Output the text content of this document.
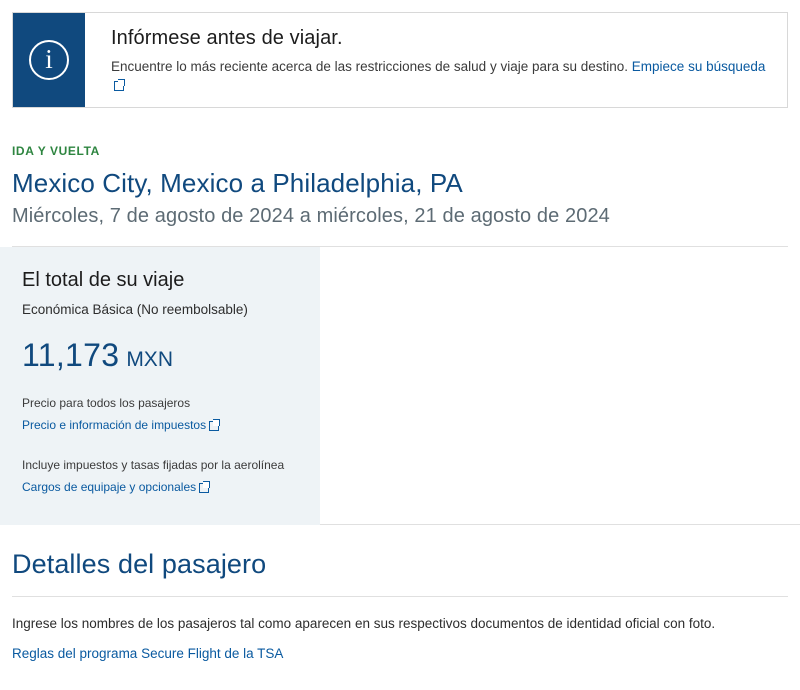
i
Infórmese antes de viajar.
Encuentre lo más reciente acerca de las restricciones de salud y viaje para su destino. Empiece su búsqueda
IDA Y VUELTA
Mexico City, Mexico a Philadelphia, PA
Miércoles, 7 de agosto de 2024 a miércoles, 21 de agosto de 2024
El total de su viaje
Económica Básica (No reembolsable)
11,173 MXN
Precio para todos los pasajeros
Precio e información de impuestos
Incluye impuestos y tasas fijadas por la aerolínea
Cargos de equipaje y opcionales
Detalles del pasajero
Ingrese los nombres de los pasajeros tal como aparecen en sus respectivos documentos de identidad oficial con foto.
Reglas del programa Secure Flight de la TSA
